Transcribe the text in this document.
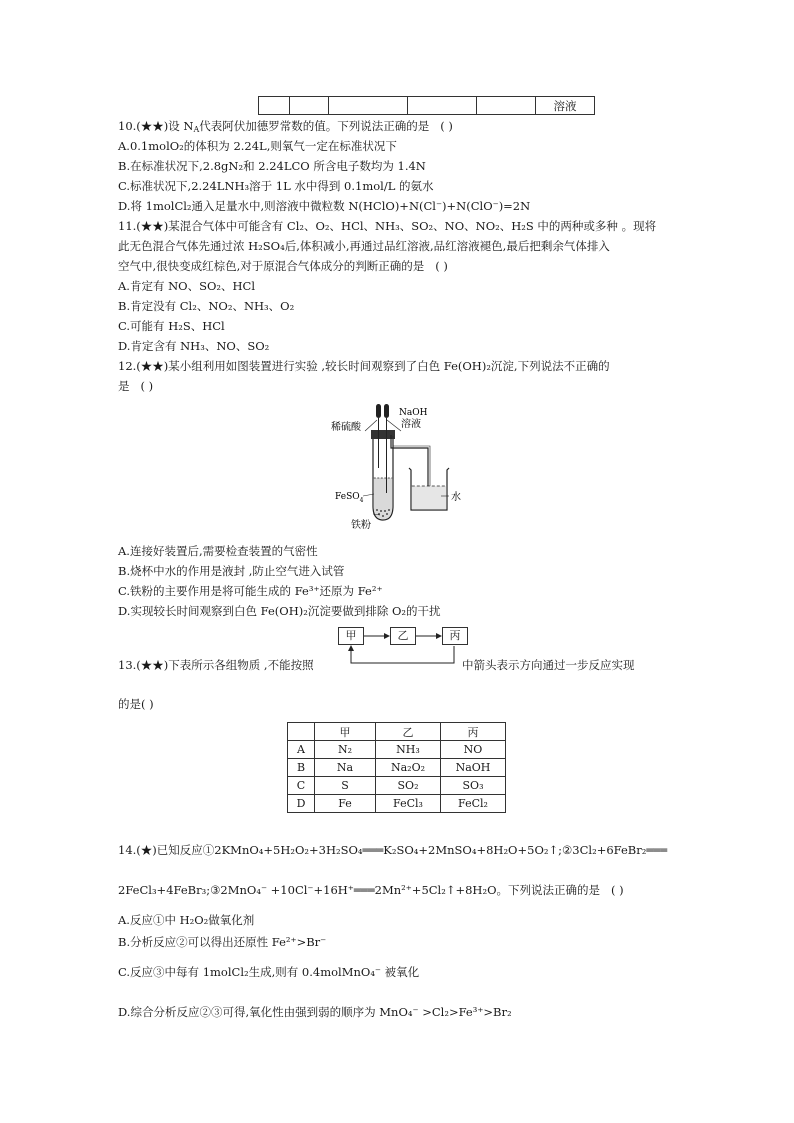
					溶液

10.(★★)设 $N_A$代表阿伏加德罗常数的值。下列说法正确的是 ( )

A.0.1molO₂的体积为 2.24L,则氧气一定在标准状况下

B.在标准状况下,2.8gN₂和 2.24LCO 所含电子数均为 1.4N

C.标准状况下,2.24LNH₃溶于 1L 水中得到 0.1mol/L 的氨水

D.将 1molCl₂通入足量水中,则溶液中微粒数 N(HClO)+N(Cl⁻)+N(ClO⁻)=2N

11.(★★)某混合气体中可能含有 Cl₂、O₂、HCl、NH₃、SO₂、NO、NO₂、H₂S 中的两种或多种 。现将

此无色混合气体先通过浓 H₂SO₄后,体积减小,再通过品红溶液,品红溶液褪色,最后把剩余气体排入

空气中,很快变成红棕色,对于原混合气体成分的判断正确的是 ( )

A.肯定有 NO、SO₂、HCl

B.肯定没有 Cl₂、NO₂、NH₃、O₂

C.可能有 H₂S、HCl

D.肯定含有 NH₃、NO、SO₂

12.(★★)某小组利用如图装置进行实验 ,较长时间观察到了白色 Fe(OH)₂沉淀,下列说法不正确的

是 ( )

稀硫酸
NaOH
溶液
FeSO$_4$
铁粉
水

A.连接好装置后,需要检查装置的气密性

B.烧杯中水的作用是液封 ,防止空气进入试管

C.铁粉的主要作用是将可能生成的 Fe³⁺还原为 Fe²⁺

D.实现较长时间观察到白色 Fe(OH)₂沉淀要做到排除 O₂的干扰

甲	乙	丙

13.(★★)下表所示各组物质 ,不能按照	中箭头表示方向通过一步反应实现

的是( )

	甲	乙	丙
A	N₂	NH₃	NO
B	Na	Na₂O₂	NaOH
C	S	SO₂	SO₃
D	Fe	FeCl₃	FeCl₂

14.(★)已知反应①2KMnO₄+5H₂O₂+3H₂SO₄═══K₂SO₄+2MnSO₄+8H₂O+5O₂↑;②3Cl₂+6FeBr₂═══

2FeCl₃+4FeBr₃;③2MnO₄⁻ +10Cl⁻+16H⁺═══2Mn²⁺+5Cl₂↑+8H₂O。下列说法正确的是 ( )

A.反应①中 H₂O₂做氧化剂

B.分析反应②可以得出还原性 Fe²⁺>Br⁻

C.反应③中每有 1molCl₂生成,则有 0.4molMnO₄⁻ 被氧化

D.综合分析反应②③可得,氧化性由强到弱的顺序为 MnO₄⁻ >Cl₂>Fe³⁺>Br₂
